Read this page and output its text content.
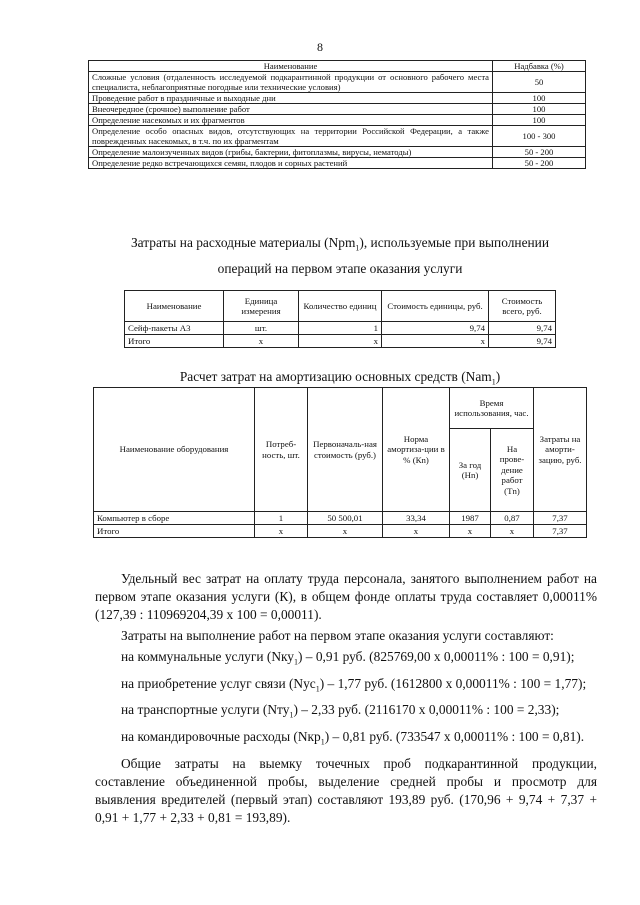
8
Наименование	Надбавка (%)
Сложные условия (отдаленность исследуемой подкарантинной продукции от основного рабочего места специалиста, неблагоприятные погодные или технические условия)	50
Проведение работ в праздничные и выходные дни	100
Внеочередное (срочное) выполнение работ	100
Определение насекомых и их фрагментов	100
Определение особо опасных видов, отсутствующих на территории Российской Федерации, а также поврежденных насекомых, в т.ч. по их фрагментам	100 - 300
Определение малоизученных видов (грибы, бактерии, фитоплазмы, вирусы, нематоды)	50 - 200
Определение редко встречающихся семян, плодов и сорных растений	50 - 200
Затраты на расходные материалы (Npm$_1$), используемые при выполнении
операций на первом этапе оказания услуги
Наименование	Единица измерения	Количество единиц	Стоимость единицы, руб.	Стоимость всего, руб.
Сейф-пакеты А3	шт.	1	9,74	9,74
Итого	х	х	х	9,74
Расчет затрат на амортизацию основных средств (Nam$_1$)
Наименование оборудования	Потреб-ность, шт.	Первоначаль-ная стоимость (руб.)	Норма амортиза-ции в % (Кn)	Время использования, час.		Затраты на аморти-зацию, руб.
				За год (Нn)	На прове-дение работ (Тn)	
Компьютер в сборе	1	50 500,01	33,34	1987	0,87	7,37
Итого	х	х	х	х	х	7,37
Удельный вес затрат на оплату труда персонала, занятого выполнением работ на первом этапе оказания услуги (К), в общем фонде оплаты труда составляет 0,00011% (127,39 : 110969204,39 х 100 = 0,00011).
Затраты на выполнение работ на первом этапе оказания услуги составляют:
на коммунальные услуги (Nку$_1$) – 0,91 руб. (825769,00 х 0,00011% : 100 = 0,91);
на приобретение услуг связи (Nус$_1$) – 1,77 руб. (1612800 х 0,00011% : 100 = 1,77);
на транспортные услуги (Nту$_1$) – 2,33 руб. (2116170 х 0,00011% : 100 = 2,33);
на командировочные расходы (Nкр$_1$) – 0,81 руб. (733547 х 0,00011% : 100 = 0,81).
Общие затраты на выемку точечных проб подкарантинной продукции, составление объединенной пробы, выделение средней пробы и просмотр для выявления вредителей (первый этап) составляют 193,89 руб. (170,96 + 9,74 + 7,37 + 0,91 + 1,77 + 2,33 + 0,81 = 193,89).
